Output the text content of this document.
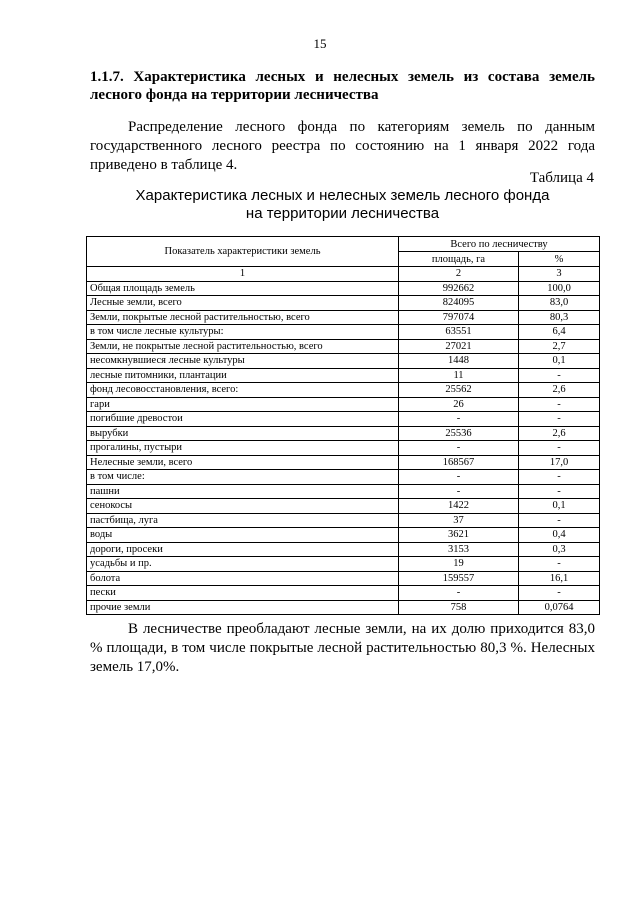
15
1.1.7. Характеристика лесных и нелесных земель из состава земель лесного фонда на территории лесничества
Распределение лесного фонда по категориям земель по данным государственного лесного реестра по состоянию на 1 января 2022 года приведено в таблице 4.
Таблица 4
Характеристика лесных и нелесных земель лесного фонда
на территории лесничества
Показатель характеристики земель	Всего по лесничеству	
	площадь, га	%
1	2	3
Общая площадь земель	992662	100,0
Лесные земли, всего	824095	83,0
Земли, покрытые лесной растительностью, всего	797074	80,3
в том числе лесные культуры:	63551	6,4
Земли, не покрытые лесной растительностью, всего	27021	2,7
несомкнувшиеся лесные культуры	1448	0,1
лесные питомники, плантации	11	-
фонд лесовосстановления, всего:	25562	2,6
гари	26	-
погибшие древостои	-	-
вырубки	25536	2,6
прогалины, пустыри	-	-
Нелесные земли, всего	168567	17,0
в том числе:	-	-
пашни	-	-
сенокосы	1422	0,1
пастбища, луга	37	-
воды	3621	0,4
дороги, просеки	3153	0,3
усадьбы и пр.	19	-
болота	159557	16,1
пески	-	-
прочие земли	758	0,0764
В лесничестве преобладают лесные земли, на их долю приходится 83,0 % площади, в том числе покрытые лесной растительностью 80,3 %. Нелесных земель 17,0%.
